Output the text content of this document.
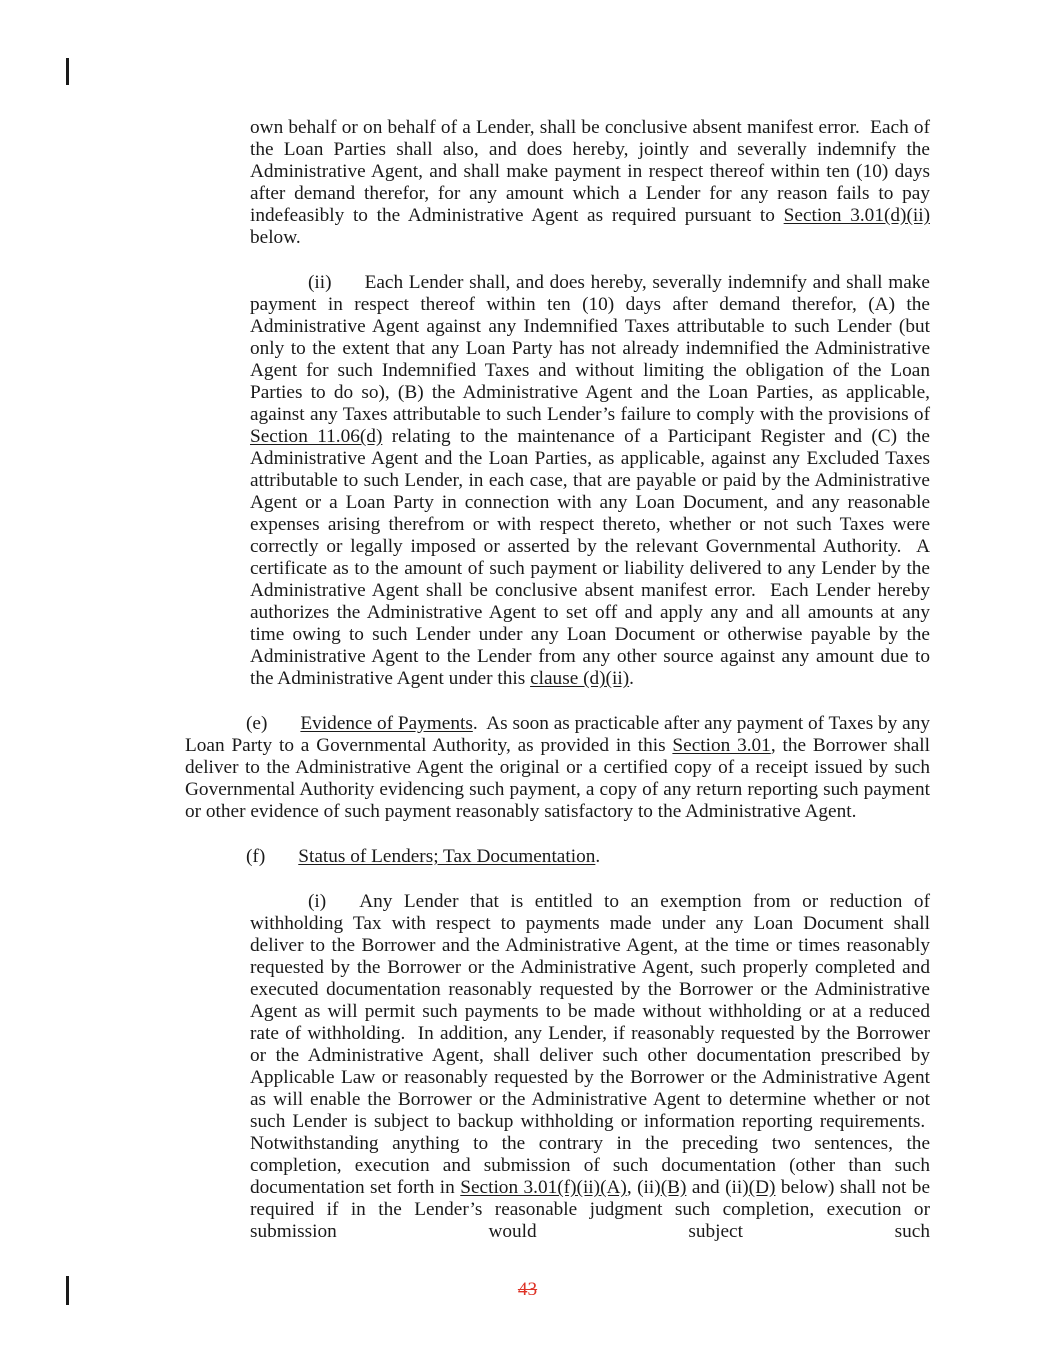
own behalf or on behalf of a Lender, shall be conclusive absent manifest error.  Each of the Loan Parties shall also, and does hereby, jointly and severally indemnify the Administrative Agent, and shall make payment in respect thereof within ten (10) days after demand therefor, for any amount which a Lender for any reason fails to pay indefeasibly to the Administrative Agent as required pursuant to Section 3.01(d)(ii) below.

(ii) Each Lender shall, and does hereby, severally indemnify and shall make payment in respect thereof within ten (10) days after demand therefor, (A) the Administrative Agent against any Indemnified Taxes attributable to such Lender (but only to the extent that any Loan Party has not already indemnified the Administrative Agent for such Indemnified Taxes and without limiting the obligation of the Loan Parties to do so), (B) the Administrative Agent and the Loan Parties, as applicable, against any Taxes attributable to such Lender’s failure to comply with the provisions of Section 11.06(d) relating to the maintenance of a Participant Register and (C) the Administrative Agent and the Loan Parties, as applicable, against any Excluded Taxes attributable to such Lender, in each case, that are payable or paid by the Administrative Agent or a Loan Party in connection with any Loan Document, and any reasonable expenses arising therefrom or with respect thereto, whether or not such Taxes were correctly or legally imposed or asserted by the relevant Governmental Authority.  A certificate as to the amount of such payment or liability delivered to any Lender by the Administrative Agent shall be conclusive absent manifest error.  Each Lender hereby authorizes the Administrative Agent to set off and apply any and all amounts at any time owing to such Lender under any Loan Document or otherwise payable by the Administrative Agent to the Lender from any other source against any amount due to the Administrative Agent under this clause (d)(ii).

(e) Evidence of Payments.  As soon as practicable after any payment of Taxes by any Loan Party to a Governmental Authority, as provided in this Section 3.01, the Borrower shall deliver to the Administrative Agent the original or a certified copy of a receipt issued by such Governmental Authority evidencing such payment, a copy of any return reporting such payment or other evidence of such payment reasonably satisfactory to the Administrative Agent.

(f) Status of Lenders; Tax Documentation.

(i) Any Lender that is entitled to an exemption from or reduction of withholding Tax with respect to payments made under any Loan Document shall deliver to the Borrower and the Administrative Agent, at the time or times reasonably requested by the Borrower or the Administrative Agent, such properly completed and executed documentation reasonably requested by the Borrower or the Administrative Agent as will permit such payments to be made without withholding or at a reduced rate of withholding.  In addition, any Lender, if reasonably requested by the Borrower or the Administrative Agent, shall deliver such other documentation prescribed by Applicable Law or reasonably requested by the Borrower or the Administrative Agent as will enable the Borrower or the Administrative Agent to determine whether or not such Lender is subject to backup withholding or information reporting requirements.  Notwithstanding anything to the contrary in the preceding two sentences, the completion, execution and submission of such documentation (other than such documentation set forth in Section 3.01(f)(ii)(A), (ii)(B) and (ii)(D) below) shall not be required if in the Lender’s reasonable judgment such completion, execution or submission would subject such

43
